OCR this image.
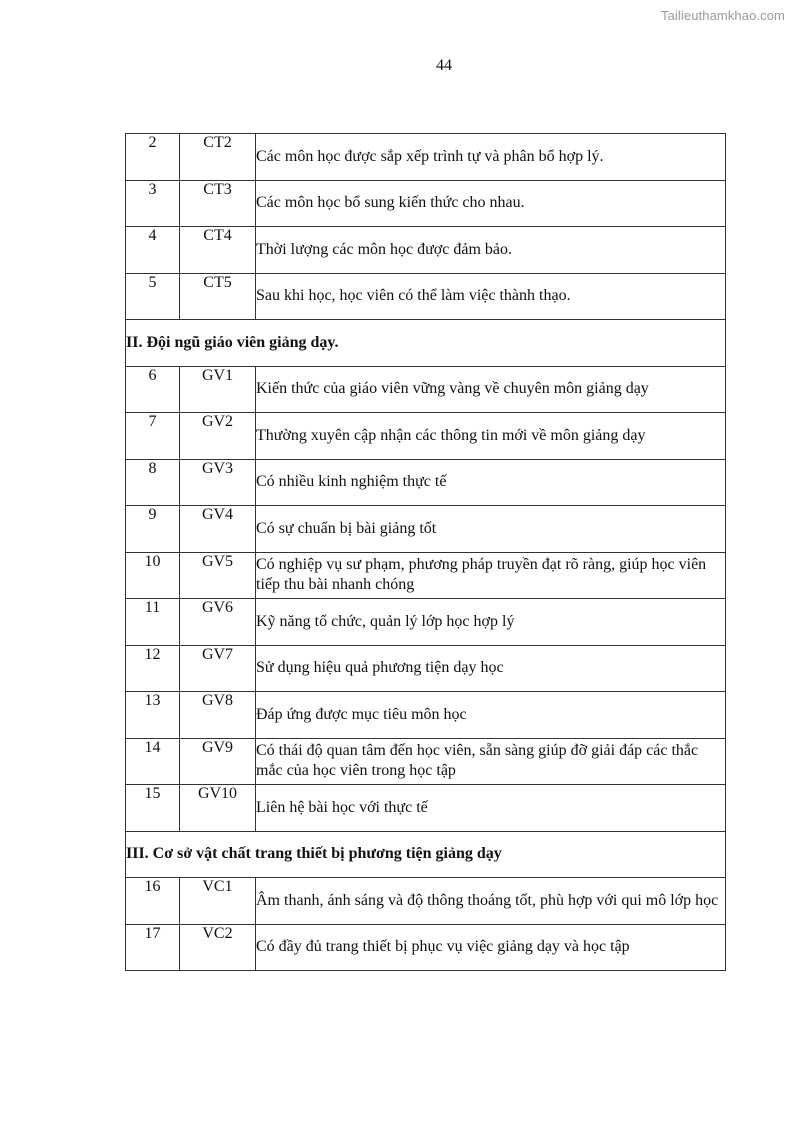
Tailieuthamkhao.com
44
2	CT2	Các môn học được sắp xếp trình tự và phân bổ hợp lý.
3	CT3	Các môn học bổ sung kiến thức cho nhau.
4	CT4	Thời lượng các môn học được đảm bảo.
5	CT5	Sau khi học, học viên có thể làm việc thành thạo.
II. Đội ngũ giáo viên giảng dạy.		
6	GV1	Kiến thức của giáo viên vững vàng về chuyên môn giảng dạy
7	GV2	Thường xuyên cập nhận các thông tin mới về môn giảng dạy
8	GV3	Có nhiều kinh nghiệm thực tế
9	GV4	Có sự chuẩn bị bài giảng tốt
10	GV5	Có nghiệp vụ sư phạm, phương pháp truyền đạt rõ ràng, giúp học viên tiếp thu bài nhanh chóng
11	GV6	Kỹ năng tổ chức, quản lý lớp học hợp lý
12	GV7	Sử dụng hiệu quả phương tiện dạy học
13	GV8	Đáp ứng được mục tiêu môn học
14	GV9	Có thái độ quan tâm đến học viên, sẵn sàng giúp đỡ giải đáp các thắc mắc của học viên trong học tập
15	GV10	Liên hệ bài học với thực tế
III. Cơ sở vật chất trang thiết bị phương tiện giảng dạy		
16	VC1	Âm thanh, ánh sáng và độ thông thoáng tốt, phù hợp với qui mô lớp học
17	VC2	Có đầy đủ trang thiết bị phục vụ việc giảng dạy và học tập
